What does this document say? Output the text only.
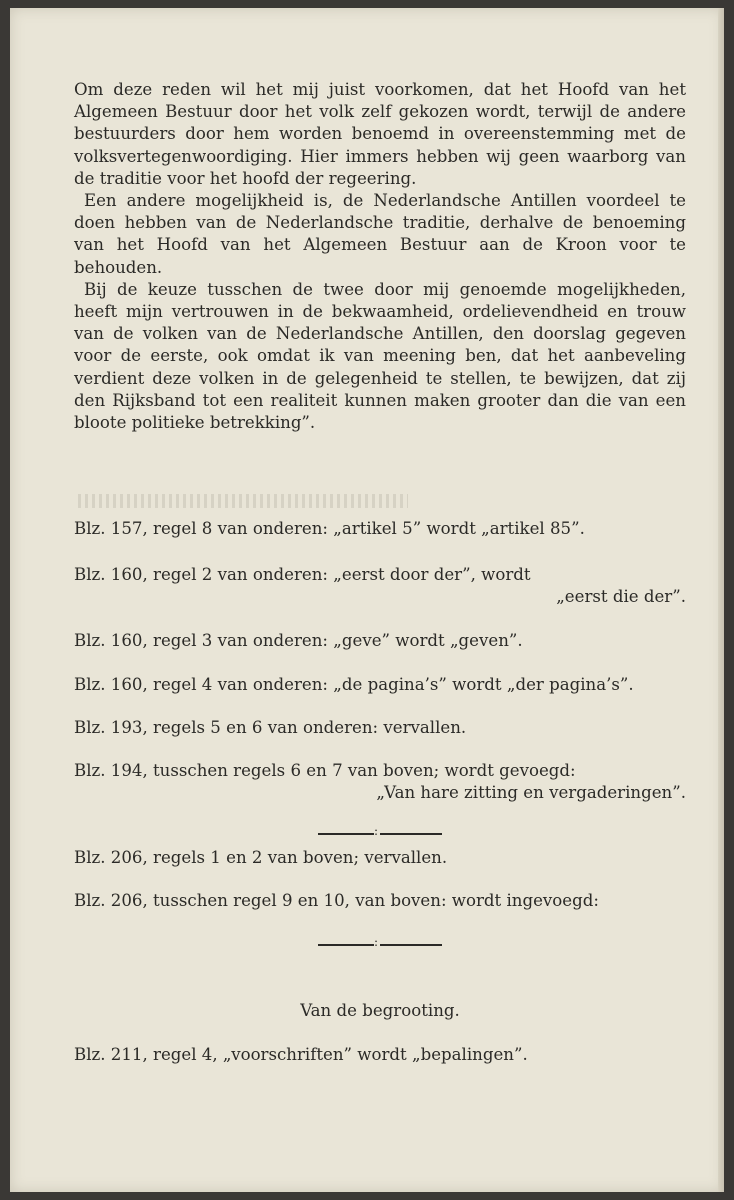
Om deze reden wil het mij juist voorkomen, dat het Hoofd van het Algemeen Bestuur door het volk zelf gekozen wordt, terwijl de andere bestuurders door hem worden benoemd in overeenstemming met de volksvertegenwoordiging. Hier immers hebben wij geen waarborg van de traditie voor het hoofd der regeering.

Een andere mogelijkheid is, de Nederlandsche Antillen voordeel te doen hebben van de Nederlandsche traditie, derhalve de benoeming van het Hoofd van het Algemeen Bestuur aan de Kroon voor te behouden.

Bij de keuze tusschen de twee door mij genoemde mogelijkheden, heeft mijn vertrouwen in de bekwaamheid, ordelievendheid en trouw van de volken van de Nederlandsche Antillen, den doorslag gegeven voor de eerste, ook omdat ik van meening ben, dat het aanbeveling verdient deze volken in de gelegenheid te stellen, te bewijzen, dat zij den Rijksband tot een realiteit kunnen maken grooter dan die van een bloote politieke betrekking”.

Blz. 157, regel 8 van onderen: „artikel 5” wordt „artikel 85”.
Blz. 160, regel 2 van onderen: „eerst door der”, wordt
„eerst die der”.
Blz. 160, regel 3 van onderen: „geve” wordt „geven”.
Blz. 160, regel 4 van onderen: „de pagina’s” wordt „der pagina’s”.
Blz. 193, regels 5 en 6 van onderen: vervallen.
Blz. 194, tusschen regels 6 en 7 van boven; wordt gevoegd:
„Van hare zitting en vergaderingen”.
:
Blz. 206, regels 1 en 2 van boven; vervallen.
Blz. 206, tusschen regel 9 en 10, van boven: wordt ingevoegd:
:
Van de begrooting.
Blz. 211, regel 4, „voorschriften” wordt „bepalingen”.
